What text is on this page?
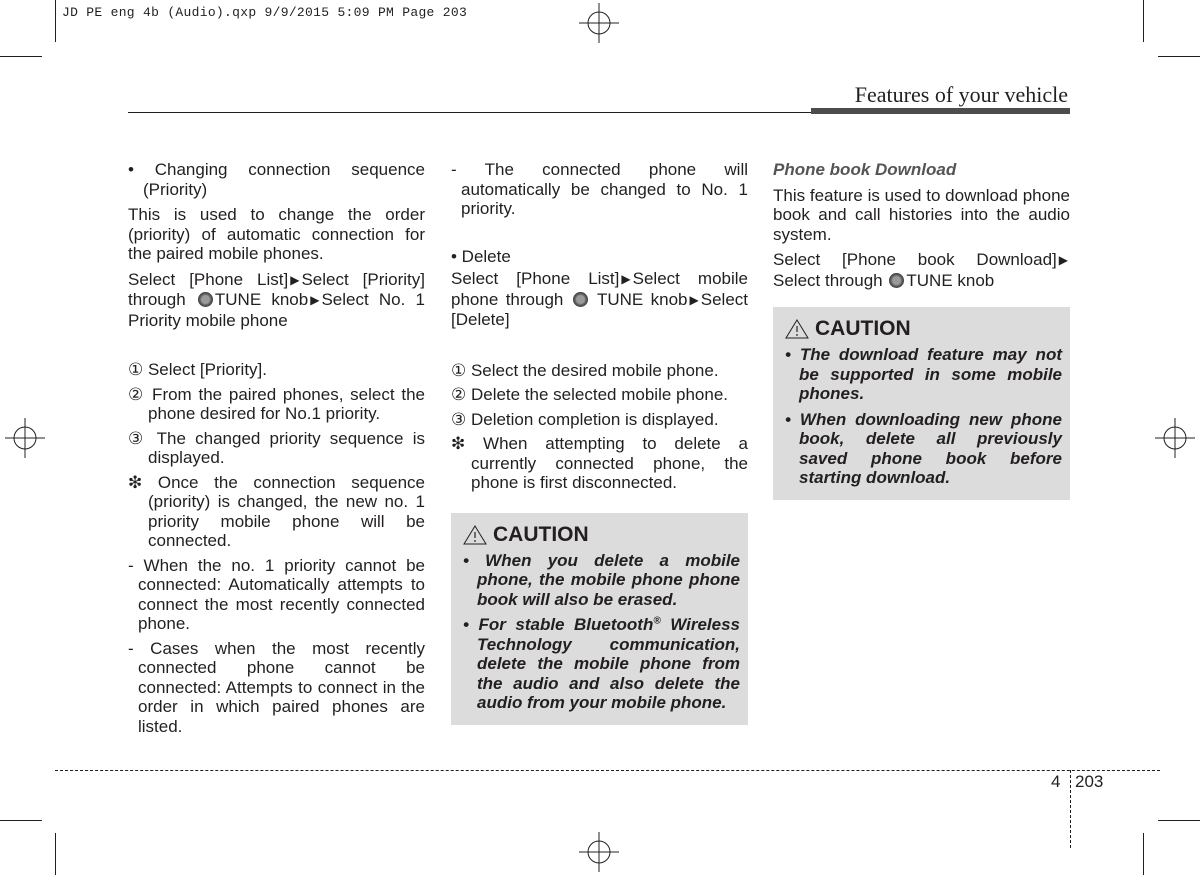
JD PE eng 4b (Audio).qxp 9/9/2015 5:09 PM Page 203
Features of your vehicle

• Changing connection sequence (Priority)

This is used to change the order (priority) of automatic connection for the paired mobile phones.

Select [Phone List] ▶ Select [Priority] through TUNE knob ▶ Select No. 1 Priority mobile phone

① Select [Priority].

② From the paired phones, select the phone desired for No.1 priority.

③ The changed priority sequence is displayed.

❇ Once the connection sequence (priority) is changed, the new no. 1 priority mobile phone will be connected.

- When the no. 1 priority cannot be connected: Automatically attempts to connect the most recently connected phone.

- Cases when the most recently connected phone cannot be connected: Attempts to connect in the order in which paired phones are listed.

- The connected phone will automatically be changed to No. 1 priority.

• Delete

Select [Phone List] ▶ Select mobile phone through TUNE knob ▶ Select [Delete]

① Select the desired mobile phone.

② Delete the selected mobile phone.

③ Deletion completion is displayed.

❇ When attempting to delete a currently connected phone, the phone is first disconnected.

CAUTION

• When you delete a mobile phone, the mobile phone phone book will also be erased.

• For stable Bluetooth® Wireless Technology communication, delete the mobile phone from the audio and also delete the audio from your mobile phone.

Phone book Download

This feature is used to download phone book and call histories into the audio system.

Select [Phone book Download] ▶ Select through TUNE knob

CAUTION

• The download feature may not be supported in some mobile phones.

• When downloading new phone book, delete all previously saved phone book before starting download.

4 203
